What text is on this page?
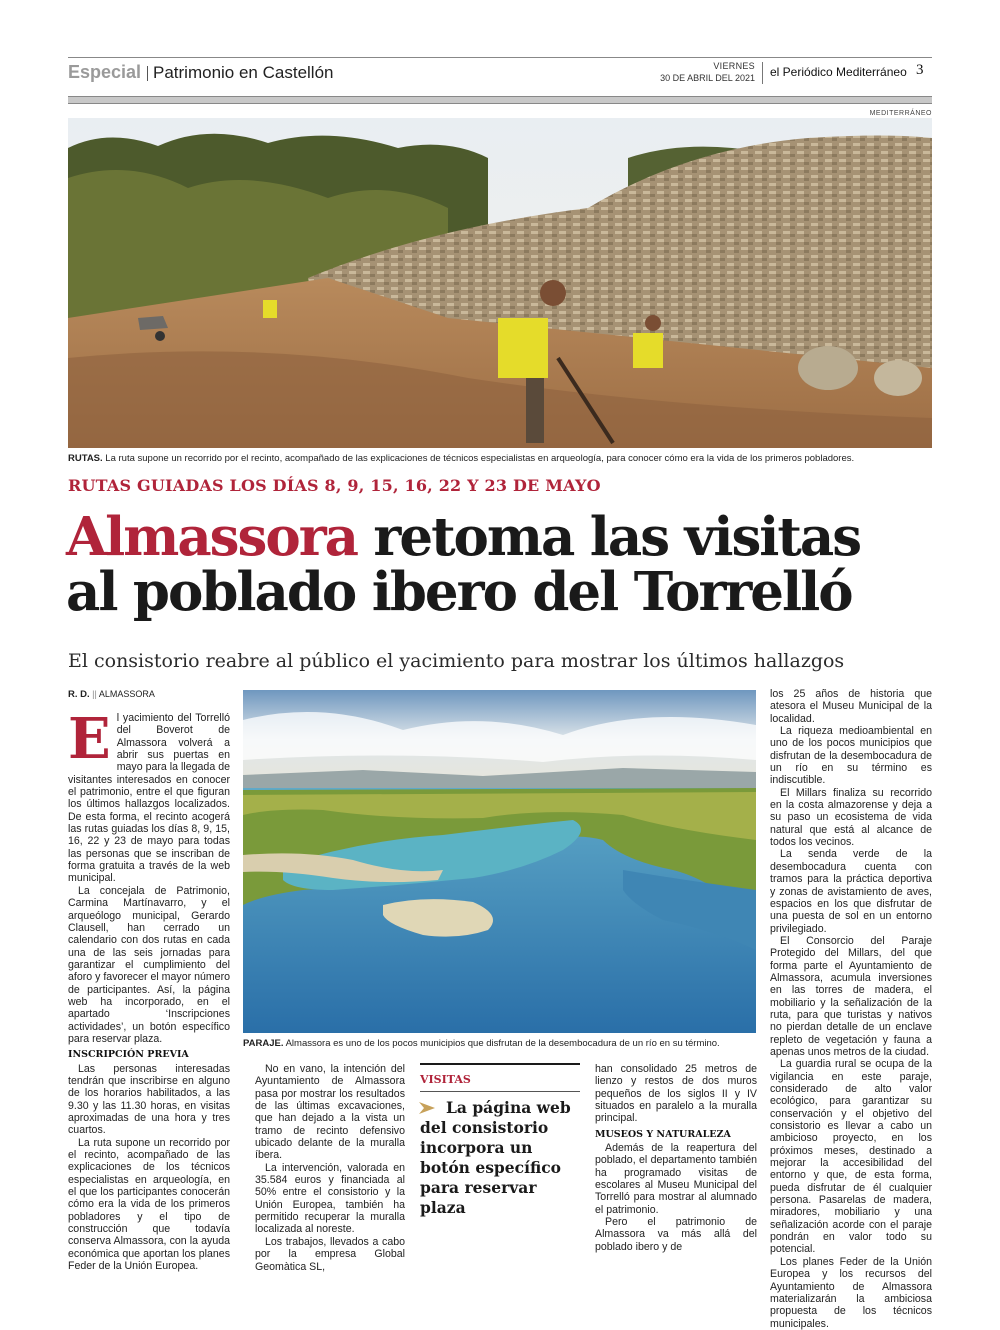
Especial Patrimonio en Castellón	VIERNES
30 DE ABRIL DEL 2021 el Periódico Mediterráneo 3
MEDITERRÁNEO
RUTAS. La ruta supone un recorrido por el recinto, acompañado de las explicaciones de técnicos especialistas en arqueología, para conocer cómo era la vida de los primeros pobladores.
RUTAS GUIADAS LOS DÍAS 8, 9, 15, 16, 22 Y 23 DE MAYO
Almassora retoma las visitas
al poblado ibero del Torrelló
El consistorio reabre al público el yacimiento para mostrar los últimos hallazgos
R. D. || ALMASSORA

El yacimiento del Torrelló del Boverot de Almassora volverá a abrir sus puertas en mayo para la llegada de visitantes interesados en conocer el patrimonio, entre el que figuran los últimos hallazgos localizados. De esta forma, el recinto acogerá las rutas guiadas los días 8, 9, 15, 16, 22 y 23 de mayo para todas las personas que se inscriban de forma gratuita a través de la web municipal.

La concejala de Patrimonio, Carmina Martínavarro, y el arqueólogo municipal, Gerardo Clausell, han cerrado un calendario con dos rutas en cada una de las seis jornadas para garantizar el cumplimiento del aforo y favorecer el mayor número de participantes. Así, la página web ha incorporado, en el apartado ‘Inscripciones actividades’, un botón específico para reservar plaza.

INSCRIPCIÓN PREVIA

Las personas interesadas tendrán que inscribirse en alguno de los horarios habilitados, a las 9.30 y las 11.30 horas, en visitas aproximadas de una hora y tres cuartos.

La ruta supone un recorrido por el recinto, acompañado de las explicaciones de los técnicos especialistas en arqueología, en el que los participantes conocerán cómo era la vida de los primeros pobladores y el tipo de construcción que todavía conserva Almassora, con la ayuda económica que aportan los planes Feder de la Unión Europea.

PARAJE. Almassora es uno de los pocos municipios que disfrutan de la desembocadura de un río en su término.

No en vano, la intención del Ayuntamiento de Almassora pasa por mostrar los resultados de las últimas excavaciones, que han dejado a la vista un tramo de recinto defensivo ubicado delante de la muralla íbera.

La intervención, valorada en 35.584 euros y financiada al 50% entre el consistorio y la Unión Europea, también ha permitido recuperar la muralla localizada al noreste.

Los trabajos, llevados a cabo por la empresa Global Geomàtica SL,

VISITAS
La página web del consistorio incorpora un botón específico para reservar plaza

han consolidado 25 metros de lienzo y restos de dos muros pequeños de los siglos II y IV situados en paralelo a la muralla principal.

MUSEOS Y NATURALEZA

Además de la reapertura del poblado, el departamento también ha programado visitas de escolares al Museu Municipal del Torrelló para mostrar al alumnado el patrimonio.

Pero el patrimonio de Almassora va más allá del poblado ibero y de

los 25 años de historia que atesora el Museu Municipal de la localidad.

La riqueza medioambiental en uno de los pocos municipios que disfrutan de la desembocadura de un río en su término es indiscutible.

El Millars finaliza su recorrido en la costa almazorense y deja a su paso un ecosistema de vida natural que está al alcance de todos los vecinos.

La senda verde de la desembocadura cuenta con tramos para la práctica deportiva y zonas de avistamiento de aves, espacios en los que disfrutar de una puesta de sol en un entorno privilegiado.

El Consorcio del Paraje Protegido del Millars, del que forma parte el Ayuntamiento de Almassora, acumula inversiones en las torres de madera, el mobiliario y la señalización de la ruta, para que turistas y nativos no pierdan detalle de un enclave repleto de vegetación y fauna a apenas unos metros de la ciudad.

La guardia rural se ocupa de la vigilancia en este paraje, considerado de alto valor ecológico, para garantizar su conservación y el objetivo del consistorio es llevar a cabo un ambicioso proyecto, en los próximos meses, destinado a mejorar la accesibilidad del entorno y que, de esta forma, pueda disfrutar de él cualquier persona. Pasarelas de madera, miradores, mobiliario y una señalización acorde con el paraje pondrán en valor todo su potencial.

Los planes Feder de la Unión Europea y los recursos del Ayuntamiento de Almassora materializarán la ambiciosa propuesta de los técnicos municipales.
